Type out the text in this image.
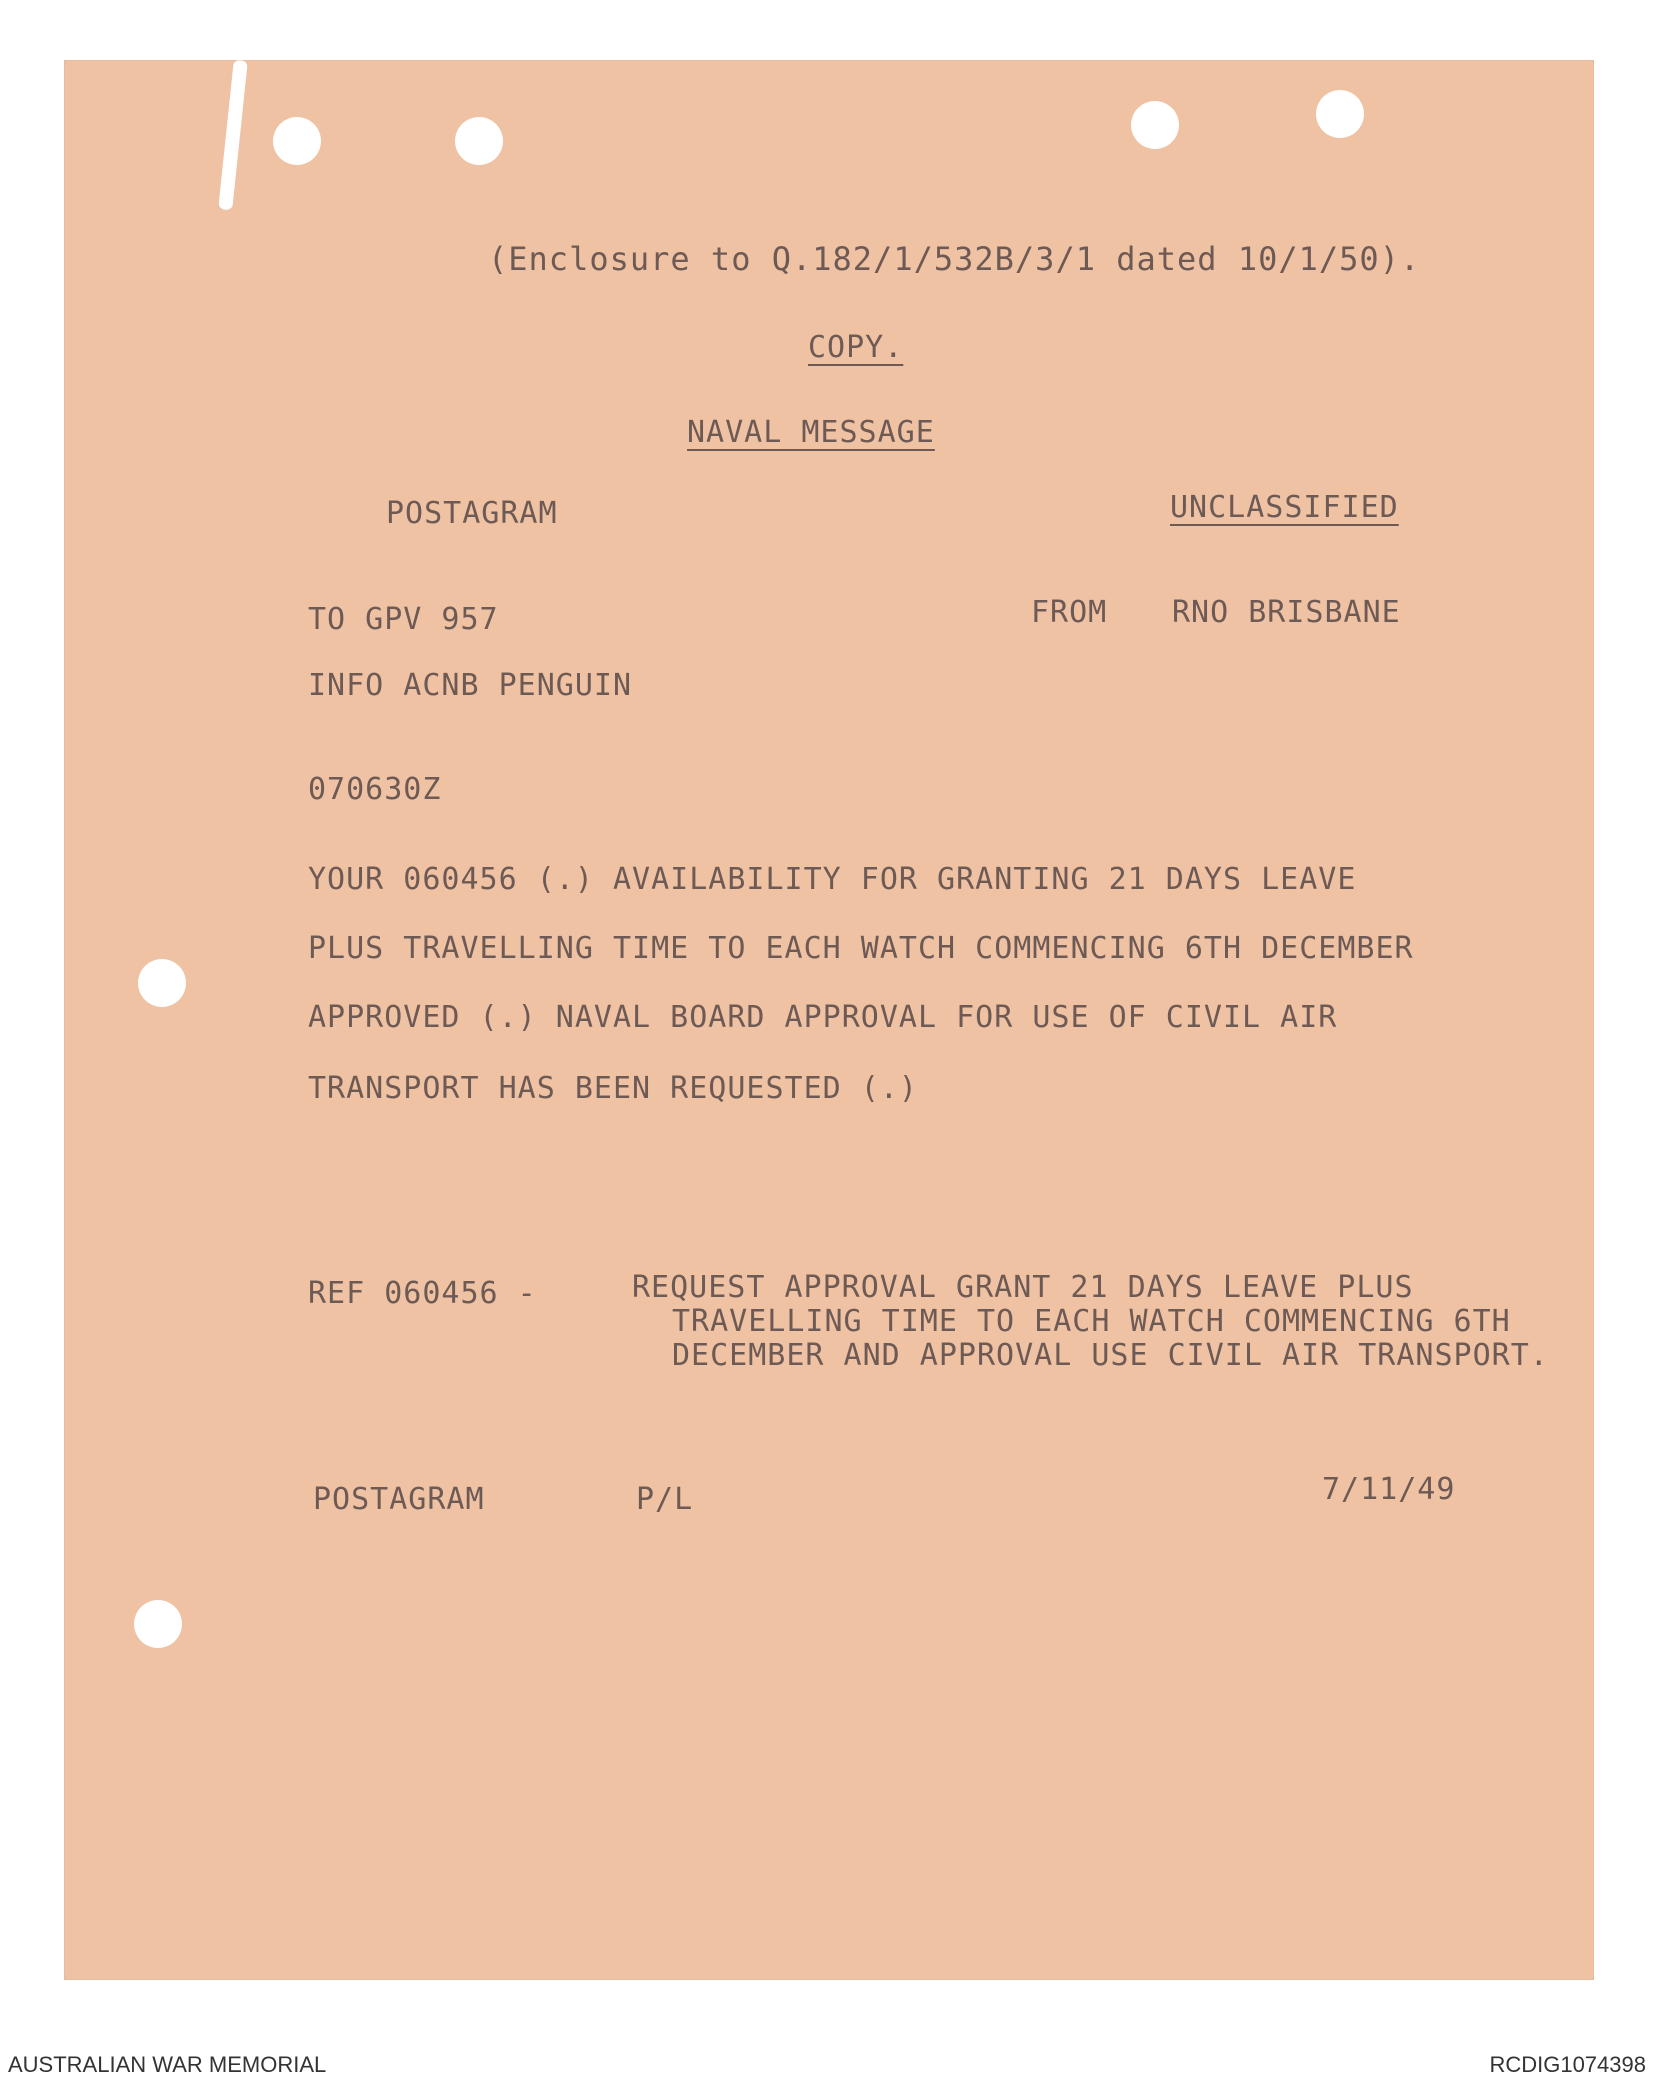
(Enclosure to Q.182/1/532B/3/1 dated 10/1/50).

COPY.

NAVAL MESSAGE

POSTAGRAM	UNCLASSIFIED

TO GPV 957	FROM RNO BRISBANE

INFO ACNB PENGUIN

070630Z

YOUR 060456 (.) AVAILABILITY FOR GRANTING 21 DAYS LEAVE

PLUS TRAVELLING TIME TO EACH WATCH COMMENCING 6TH DECEMBER

APPROVED (.) NAVAL BOARD APPROVAL FOR USE OF CIVIL AIR

TRANSPORT HAS BEEN REQUESTED (.)

REF 060456 -	REQUEST APPROVAL GRANT 21 DAYS LEAVE PLUS

TRAVELLING TIME TO EACH WATCH COMMENCING 6TH

DECEMBER AND APPROVAL USE CIVIL AIR TRANSPORT.

POSTAGRAM	P/L	7/11/49

AUSTRALIAN WAR MEMORIAL	RCDIG1074398
